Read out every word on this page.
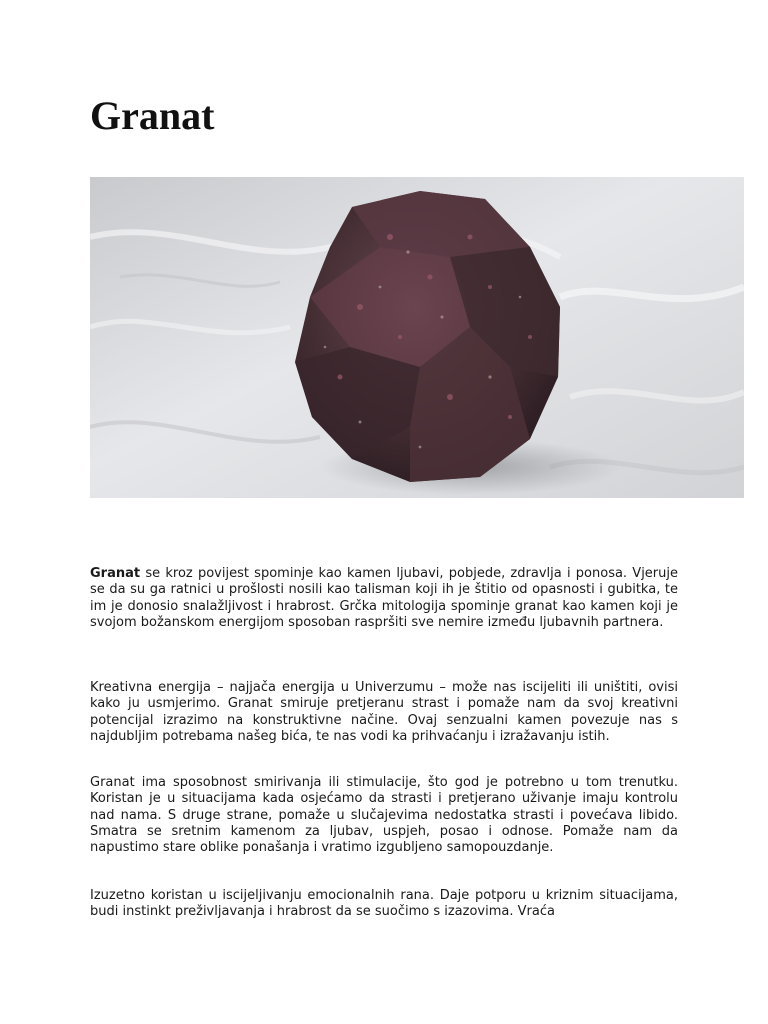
Granat

Granat se kroz povijest spominje kao kamen ljubavi, pobjede, zdravlja i ponosa. Vjeruje se da su ga ratnici u prošlosti nosili kao talisman koji ih je štitio od opasnosti i gubitka, te im je donosio snalažljivost i hrabrost. Grčka mitologija spominje granat kao kamen koji je svojom božanskom energijom sposoban raspršiti sve nemire između ljubavnih partnera.

Kreativna energija – najjača energija u Univerzumu – može nas iscijeliti ili uništiti, ovisi kako ju usmjerimo. Granat smiruje pretjeranu strast i pomaže nam da svoj kreativni potencijal izrazimo na konstruktivne načine. Ovaj senzualni kamen povezuje nas s najdubljim potrebama našeg bića, te nas vodi ka prihvaćanju i izražavanju istih.

Granat ima sposobnost smirivanja ili stimulacije, što god je potrebno u tom trenutku. Koristan je u situacijama kada osjećamo da strasti i pretjerano uživanje imaju kontrolu nad nama. S druge strane, pomaže u slučajevima nedostatka strasti i povećava libido. Smatra se sretnim kamenom za ljubav, uspjeh, posao i odnose. Pomaže nam da napustimo stare oblike ponašanja i vratimo izgubljeno samopouzdanje.

Izuzetno koristan u iscijeljivanju emocionalnih rana. Daje potporu u kriznim situacijama, budi instinkt preživljavanja i hrabrost da se suočimo s izazovima. Vraća
